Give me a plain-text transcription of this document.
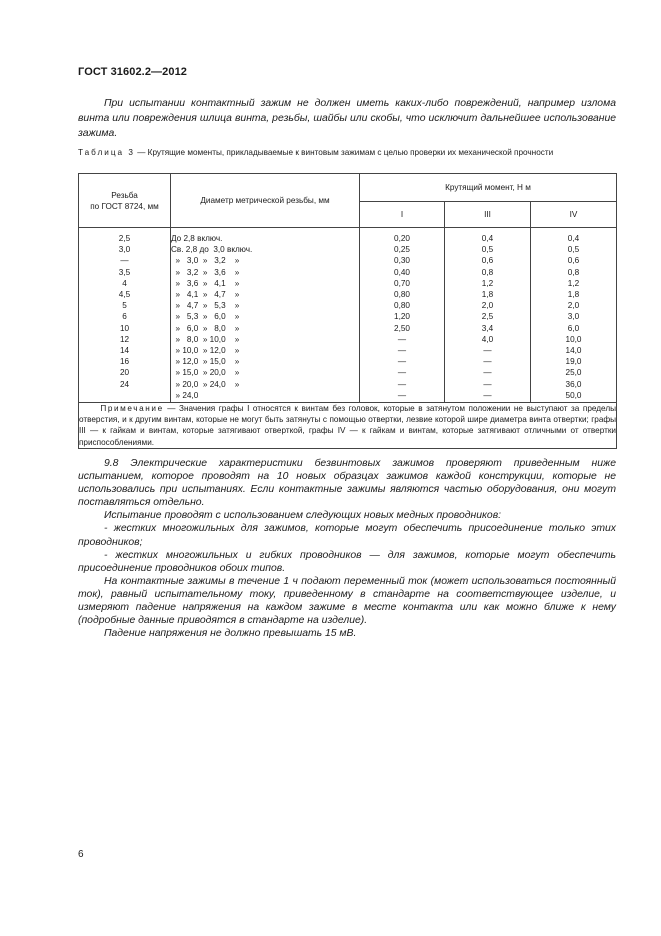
ГОСТ 31602.2—2012

При испытании контактный зажим не должен иметь каких-либо повреждений, например излома винта или повреждения шлица винта, резьбы, шайбы или скобы, что исключит дальнейшее использование зажима.

Таблица 3 — Крутящие моменты, прикладываемые к винтовым зажимам с целью проверки их механической прочности

Резьба
по ГОСТ 8724, мм	Диаметр метрической резьбы, мм	Крутящий момент, Н м		
		I	III	IV
2,5	До 2,8 включ.	0,20	0,4	0,4
3,0	Св. 2,8 до  3,0 включ.	0,25	0,5	0,5
—	»   3,0  »   3,2    »	0,30	0,6	0,6
3,5	»   3,2  »   3,6    »	0,40	0,8	0,8
4	»   3,6  »   4,1    »	0,70	1,2	1,2
4,5	»   4,1  »   4,7    »	0,80	1,8	1,8
5	»   4,7  »   5,3    »	0,80	2,0	2,0
6	»   5,3  »   6,0    »	1,20	2,5	3,0
10	»   6,0  »   8,0    »	2,50	3,4	6,0
12	»   8,0  » 10,0    »	—	4,0	10,0
14	» 10,0  » 12,0    »	—	—	14,0
16	» 12,0  » 15,0    »	—	—	19,0
20	» 15,0  » 20,0    »	—	—	25,0
24	» 20,0  » 24,0    »	—	—	36,0
	» 24,0	—	—	50,0
Примечание — Значения графы I относятся к винтам без головок, которые в затянутом положении не выступают за пределы отверстия, и к другим винтам, которые не могут быть затянуты с помощью отвертки, лезвие которой шире диаметра винта отвертки; графы III — к гайкам и винтам, которые затягивают отверткой, графы IV — к гайкам и винтам, которые затягивают отличными от отвертки приспособлениями.				

9.8 Электрические характеристики безвинтовых зажимов проверяют приведенным ниже испытанием, которое проводят на 10 новых образцах зажимов каждой конструкции, которые не использовались при испытаниях. Если контактные зажимы являются частью оборудования, они могут поставляться отдельно.

Испытание проводят с использованием следующих новых медных проводников:

- жестких многожильных для зажимов, которые могут обеспечить присоединение только этих проводников;

- жестких многожильных и гибких проводников — для зажимов, которые могут обеспечить присоединение проводников обоих типов.

На контактные зажимы в течение 1 ч подают переменный ток (может использоваться постоянный ток), равный испытательному току, приведенному в стандарте на соответствующее изделие, и измеряют падение напряжения на каждом зажиме в месте контакта или как можно ближе к нему (подробные данные приводятся в стандарте на изделие).

Падение напряжения не должно превышать 15 мВ.

6
